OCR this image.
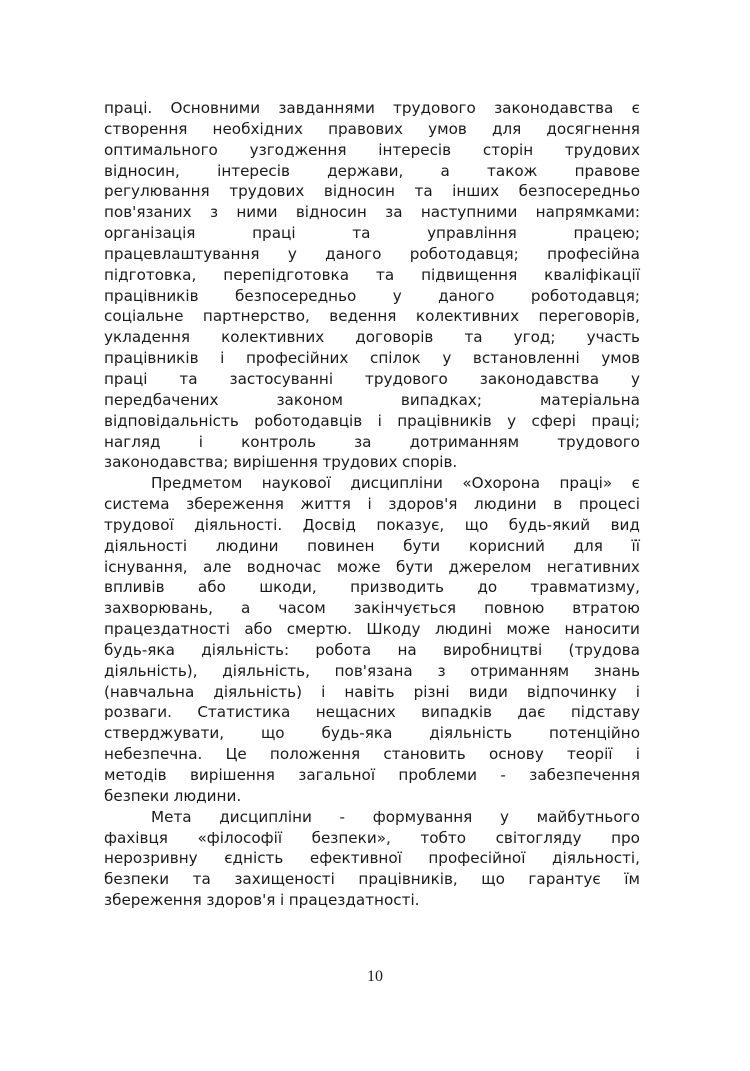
праці. Основними завданнями трудового законодавства є
створення необхідних правових умов для досягнення
оптимального узгодження інтересів сторін трудових
відносин, інтересів держави, а також правове
регулювання трудових відносин та інших безпосередньо
пов'язаних з ними відносин за наступними напрямками:
організація	праці	та	управління	працею;
працевлаштування у даного роботодавця; професійна
підготовка, перепідготовка та підвищення кваліфікації
працівників безпосередньо у даного роботодавця;
соціальне партнерство, ведення колективних переговорів,
укладення колективних договорів та угод; участь
працівників і професійних спілок у встановленні умов
праці та застосуванні трудового законодавства у
передбачених	законом	випадках;	матеріальна
відповідальність роботодавців і працівників у сфері праці;
нагляд	і	контроль	за	дотриманням	трудового
законодавства; вирішення трудових спорів.
Предметом наукової дисципліни «Охорона праці» є
система збереження життя і здоров'я людини в процесі
трудової діяльності. Досвід показує, що будь-який вид
діяльності людини повинен бути корисний для її
існування, але водночас може бути джерелом негативних
впливів або шкоди, призводить до травматизму,
захворювань, а часом закінчується повною втратою
працездатності або смертю. Шкоду людині може наносити
будь-яка діяльність: робота на виробництві (трудова
діяльність), діяльність, пов'язана з отриманням знань
(навчальна діяльність) і навіть різні види відпочинку і
розваги. Статистика нещасних випадків дає підставу
стверджувати, що будь-яка діяльність потенційно
небезпечна. Це положення становить основу теорії і
методів вирішення загальної проблеми - забезпечення
безпеки людини.
Мета дисципліни - формування у майбутнього
фахівця «філософії безпеки», тобто світогляду про
нерозривну єдність ефективної професійної діяльності,
безпеки та захищеності працівників, що гарантує їм
збереження здоров'я і працездатності.
10
